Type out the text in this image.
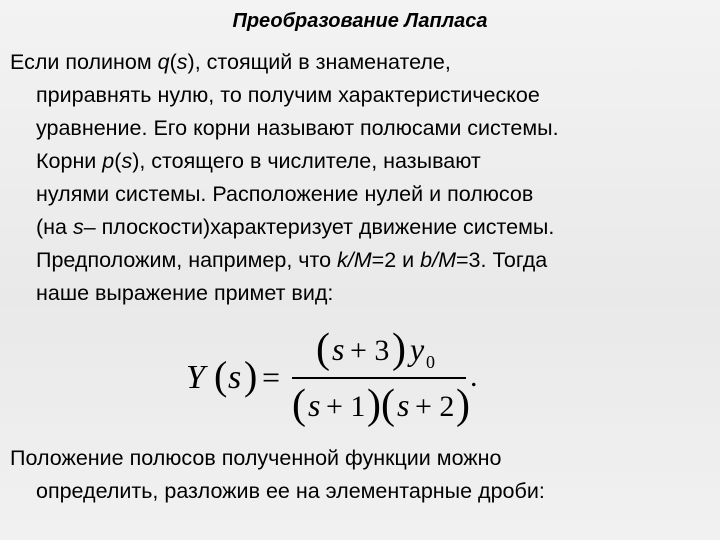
Преобразование Лапласа
Если полином q(s), стоящий в знаменателе,
приравнять нулю, то получим характеристическое
уравнение. Его корни называют полюсами системы.
Корни p(s), стоящего в числителе, называют
нулями системы. Расположение нулей и полюсов
(на s– плоскости)характеризует движение системы.
Предположим, например, что k/M=2 и b/M=3. Тогда
наше выражение примет вид:
Y ( s ) =
( s + 3 ) y 0
( s + 1 ) ( s + 2 )
.
Положение полюсов полученной функции можно
определить, разложив ее на элементарные дроби:
